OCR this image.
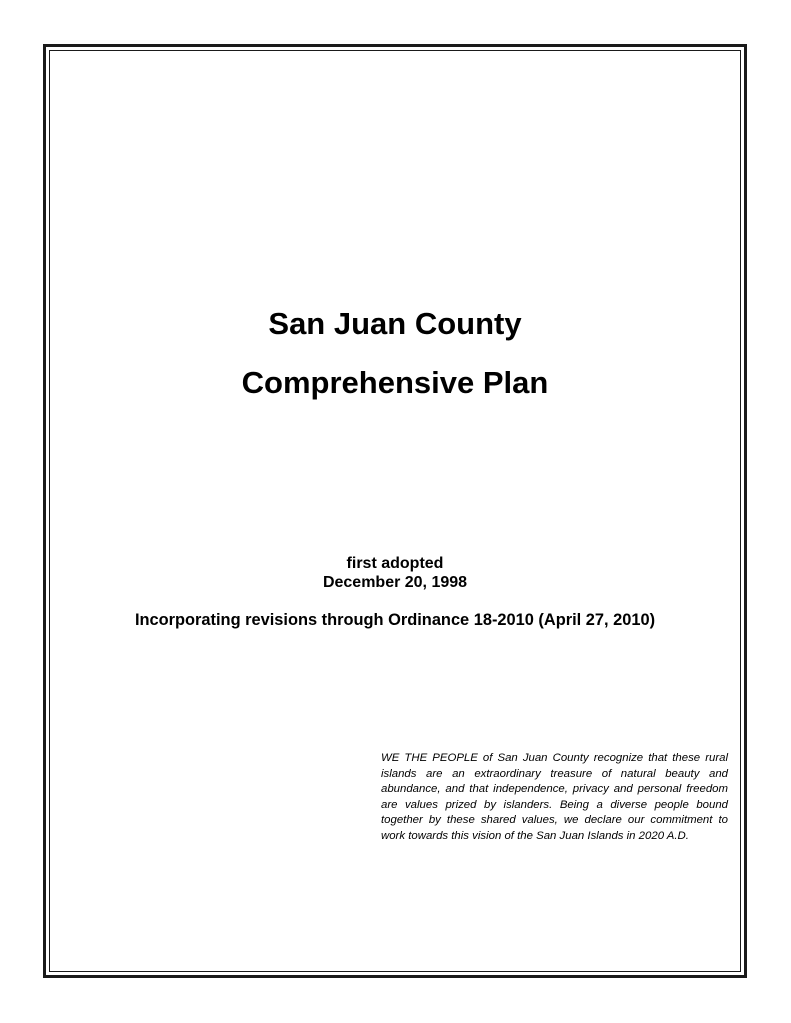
San Juan County
Comprehensive Plan

first adopted

December 20, 1998

Incorporating revisions through Ordinance 18-2010 (April 27, 2010)

WE THE PEOPLE of San Juan County recognize that these rural islands are an extraordinary treasure of natural beauty and abundance, and that independence, privacy and personal freedom are values prized by islanders. Being a diverse people bound together by these shared values, we declare our commitment to work towards this vision of the San Juan Islands in 2020 A.D.
